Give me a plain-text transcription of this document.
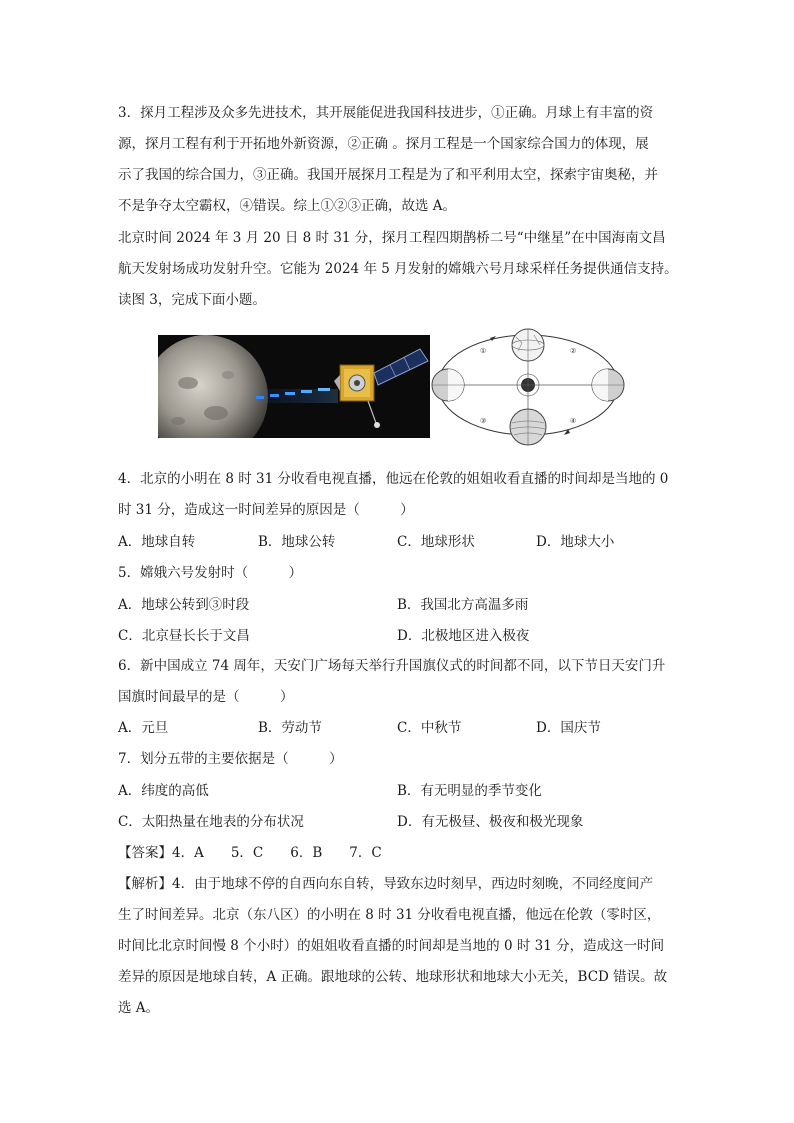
3．探月工程涉及众多先进技术，其开展能促进我国科技进步，①正确。月球上有丰富的资
源，探月工程有利于开拓地外新资源，②正确 。探月工程是一个国家综合国力的体现，展
示了我国的综合国力，③正确。我国开展探月工程是为了和平利用太空，探索宇宙奥秘，并
不是争夺太空霸权，④错误。综上①②③正确，故选 A。
北京时间 2024 年 3 月 20 日 8 时 31 分，探月工程四期鹊桥二号“中继星”在中国海南文昌
航天发射场成功发射升空。它能为 2024 年 5 月发射的嫦娥六号月球采样任务提供通信支持。
读图 3，完成下面小题。
①	②
③	④
4．北京的小明在 8 时 31 分收看电视直播，他远在伦敦的姐姐收看直播的时间却是当地的 0
时 31 分，造成这一时间差异的原因是（　　　）
A．地球自转	B．地球公转	C．地球形状	D．地球大小
5．嫦娥六号发射时（　　　）
A．地球公转到③时段	B．我国北方高温多雨
C．北京昼长长于文昌	D．北极地区进入极夜
6．新中国成立 74 周年，天安门广场每天举行升国旗仪式的时间都不同，以下节日天安门升
国旗时间最早的是（　　　）
A．元旦	B．劳动节	C．中秋节	D．国庆节
7．划分五带的主要依据是（　　　）
A．纬度的高低	B．有无明显的季节变化
C．太阳热量在地表的分布状况	D．有无极昼、极夜和极光现象
【答案】4．A　　5．C　　6．B　　7．C
【解析】4．由于地球不停的自西向东自转，导致东边时刻早，西边时刻晚，不同经度间产
生了时间差异。北京（东八区）的小明在 8 时 31 分收看电视直播，他远在伦敦（零时区，
时间比北京时间慢 8 个小时）的姐姐收看直播的时间却是当地的 0 时 31 分，造成这一时间
差异的原因是地球自转，A 正确。跟地球的公转、地球形状和地球大小无关，BCD 错误。故
选 A。
